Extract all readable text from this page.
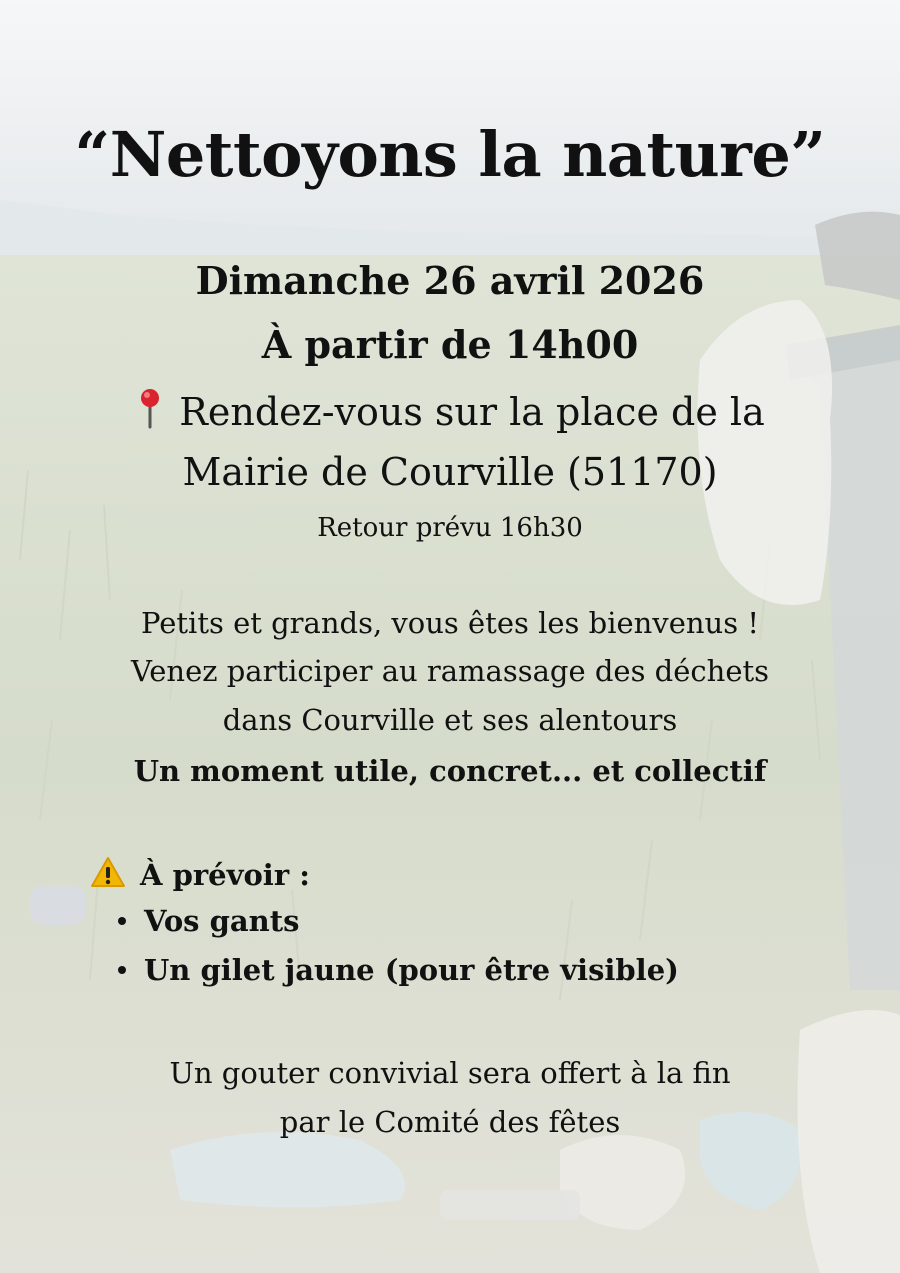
“Nettoyons la nature”
Dimanche 26 avril 2026
À partir de 14h00
Rendez-vous sur la place de la
Mairie de Courville (51170)
Retour prévu 16h30
Petits et grands, vous êtes les bienvenus !
Venez participer au ramassage des déchets
dans Courville et ses alentours
Un moment utile, concret... et collectif
À prévoir :
Vos gants
Un gilet jaune (pour être visible)
Un gouter convivial sera offert à la fin
par le Comité des fêtes
